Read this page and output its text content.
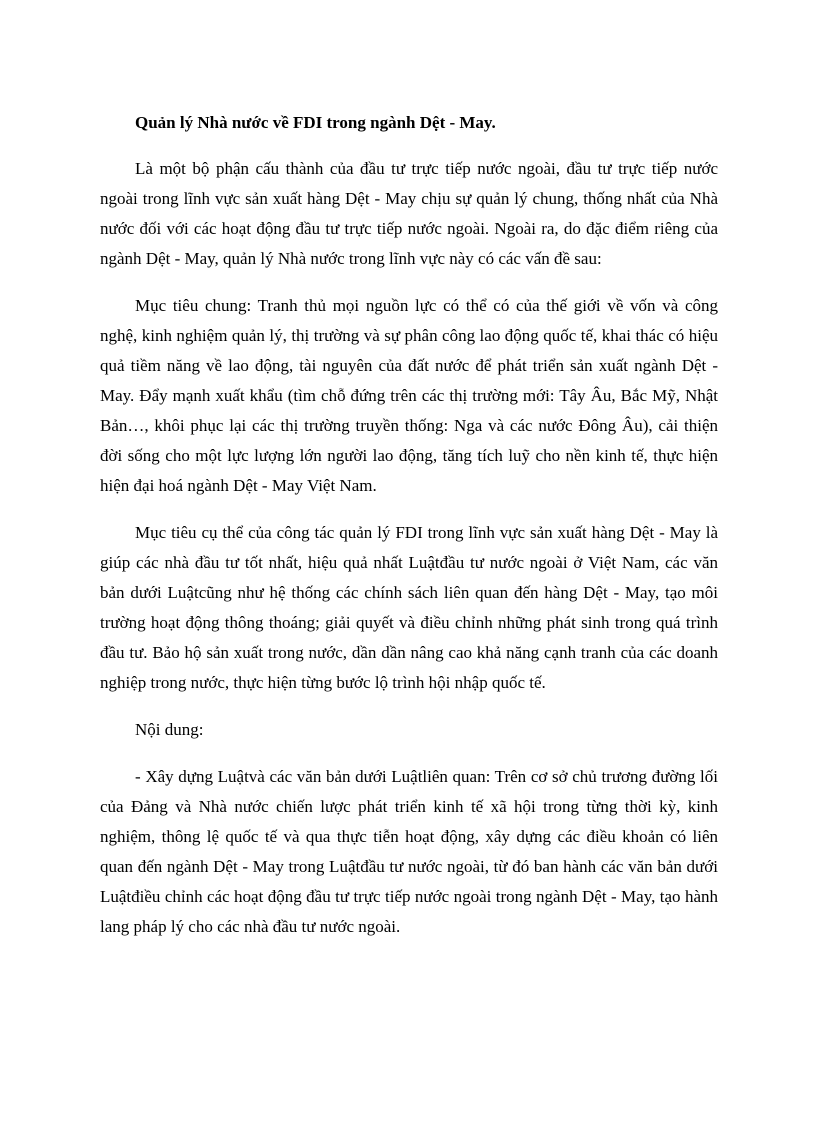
Quản lý Nhà nước về FDI trong ngành Dệt - May.

Là một bộ phận cấu thành của đầu tư trực tiếp nước ngoài, đầu tư trực tiếp nước ngoài trong lĩnh vực sản xuất hàng Dệt - May chịu sự quản lý chung, thống nhất của Nhà nước đối với các hoạt động đầu tư trực tiếp nước ngoài. Ngoài ra, do đặc điểm riêng của ngành Dệt - May, quản lý Nhà nước trong lĩnh vực này có các vấn đề sau:

Mục tiêu chung: Tranh thủ mọi nguồn lực có thể có của thế giới về vốn và công nghệ, kinh nghiệm quản lý, thị trường và sự phân công lao động quốc tế, khai thác có hiệu quả tiềm năng về lao động, tài nguyên của đất nước để phát triển sản xuất ngành Dệt - May. Đẩy mạnh xuất khẩu (tìm chỗ đứng trên các thị trường mới: Tây Âu, Bắc Mỹ, Nhật Bản…, khôi phục lại các thị trường truyền thống: Nga và các nước Đông Âu), cải thiện đời sống cho một lực lượng lớn người lao động, tăng tích luỹ cho nền kinh tế, thực hiện hiện đại hoá ngành Dệt - May Việt Nam.

Mục tiêu cụ thể của công tác quản lý FDI trong lĩnh vực sản xuất hàng Dệt - May là giúp các nhà đầu tư tốt nhất, hiệu quả nhất Luậtđầu tư nước ngoài ở Việt Nam, các văn bản dưới Luậtcũng như hệ thống các chính sách liên quan đến hàng Dệt - May, tạo môi trường hoạt động thông thoáng; giải quyết và điều chỉnh những phát sinh trong quá trình đầu tư. Bảo hộ sản xuất trong nước, dần dần nâng cao khả năng cạnh tranh của các doanh nghiệp trong nước, thực hiện từng bước lộ trình hội nhập quốc tế.

Nội dung:

- Xây dựng Luậtvà các văn bản dưới Luậtliên quan: Trên cơ sở chủ trương đường lối của Đảng và Nhà nước chiến lược phát triển kinh tế xã hội trong từng thời kỳ, kinh nghiệm, thông lệ quốc tế và qua thực tiễn hoạt động, xây dựng các điều khoản có liên quan đến ngành Dệt - May trong Luậtđầu tư nước ngoài, từ đó ban hành các văn bản dưới Luậtđiều chỉnh các hoạt động đầu tư trực tiếp nước ngoài trong ngành Dệt - May, tạo hành lang pháp lý cho các nhà đầu tư nước ngoài.
